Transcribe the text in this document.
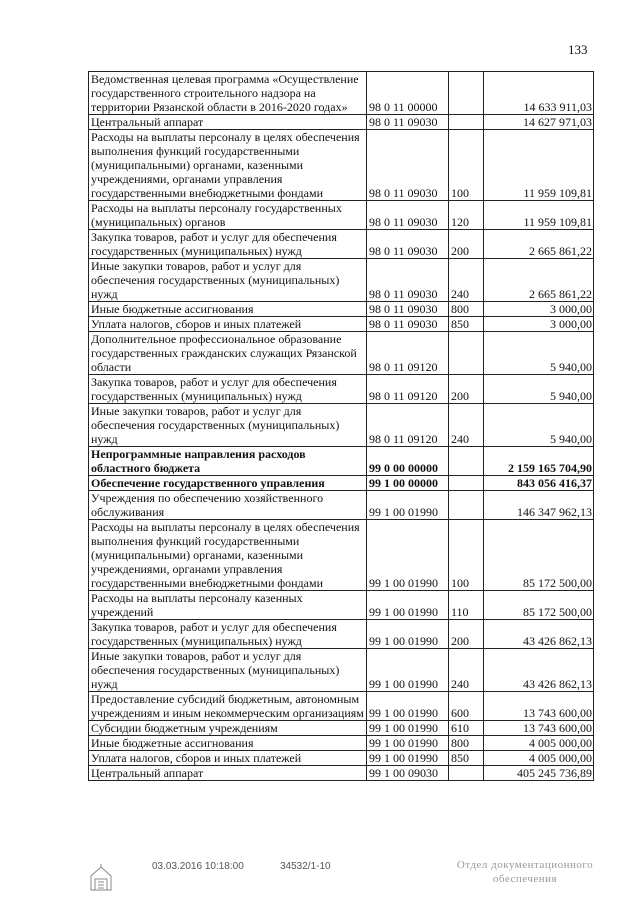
133
Ведомственная целевая программа «Осуществление государственного строительного надзора на территории Рязанской области в 2016-2020 годах»	98 0 11 00000		14 633 911,03
Центральный аппарат	98 0 11 09030		14 627 971,03
Расходы на выплаты персоналу в целях обеспечения выполнения функций государственными (муниципальными) органами, казенными учреждениями, органами управления государственными внебюджетными фондами	98 0 11 09030	100	11 959 109,81
Расходы на выплаты персоналу государственных (муниципальных) органов	98 0 11 09030	120	11 959 109,81
Закупка товаров, работ и услуг для обеспечения государственных (муниципальных) нужд	98 0 11 09030	200	2 665 861,22
Иные закупки товаров, работ и услуг для обеспечения государственных (муниципальных) нужд	98 0 11 09030	240	2 665 861,22
Иные бюджетные ассигнования	98 0 11 09030	800	3 000,00
Уплата налогов, сборов и иных платежей	98 0 11 09030	850	3 000,00
Дополнительное профессиональное образование государственных гражданских служащих Рязанской области	98 0 11 09120		5 940,00
Закупка товаров, работ и услуг для обеспечения государственных (муниципальных) нужд	98 0 11 09120	200	5 940,00
Иные закупки товаров, работ и услуг для обеспечения государственных (муниципальных) нужд	98 0 11 09120	240	5 940,00
Непрограммные направления расходов областного бюджета	99 0 00 00000		2 159 165 704,90
Обеспечение государственного управления	99 1 00 00000		843 056 416,37
Учреждения по обеспечению хозяйственного обслуживания	99 1 00 01990		146 347 962,13
Расходы на выплаты персоналу в целях обеспечения выполнения функций государственными (муниципальными) органами, казенными учреждениями, органами управления государственными внебюджетными фондами	99 1 00 01990	100	85 172 500,00
Расходы на выплаты персоналу казенных учреждений	99 1 00 01990	110	85 172 500,00
Закупка товаров, работ и услуг для обеспечения государственных (муниципальных) нужд	99 1 00 01990	200	43 426 862,13
Иные закупки товаров, работ и услуг для обеспечения государственных (муниципальных) нужд	99 1 00 01990	240	43 426 862,13
Предоставление субсидий бюджетным, автономным учреждениям и иным некоммерческим организациям	99 1 00 01990	600	13 743 600,00
Субсидии бюджетным учреждениям	99 1 00 01990	610	13 743 600,00
Иные бюджетные ассигнования	99 1 00 01990	800	4 005 000,00
Уплата налогов, сборов и иных платежей	99 1 00 01990	850	4 005 000,00
Центральный аппарат	99 1 00 09030		405 245 736,89
03.03.2016 10:18:00	34532/1-10	Отдел документационного
обеспечения
